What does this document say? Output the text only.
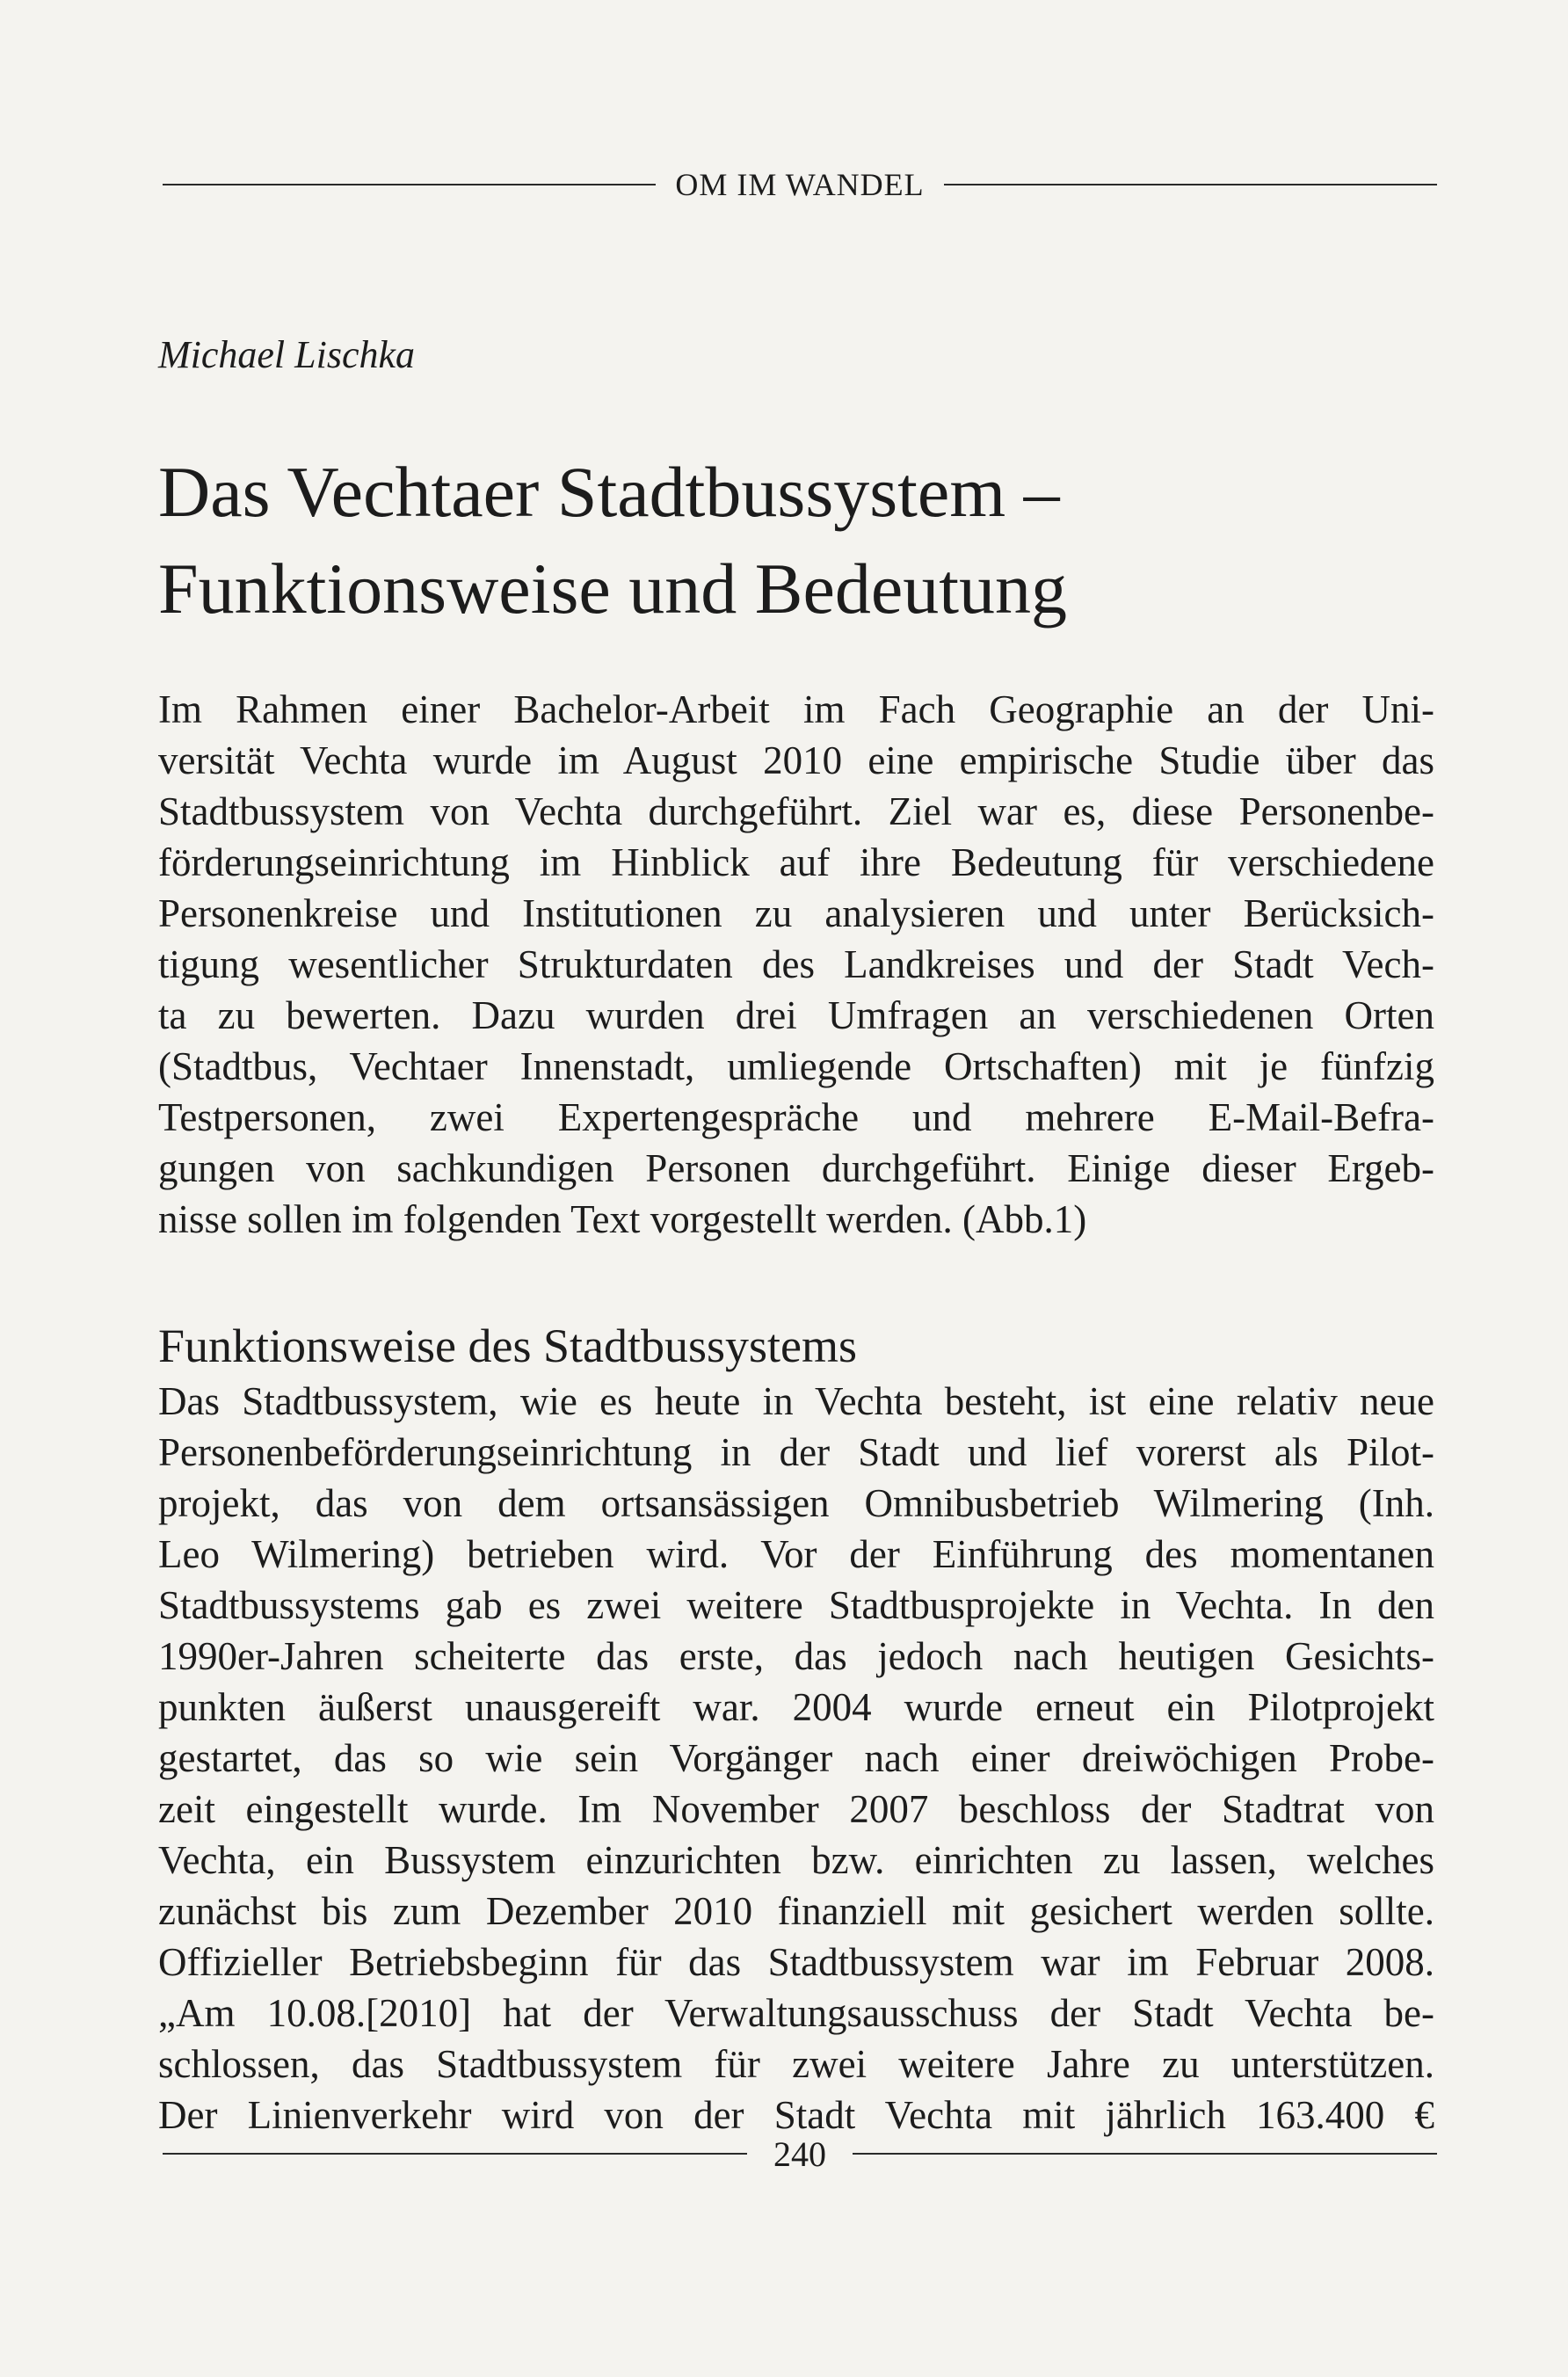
OM IM WANDEL
Michael Lischka
Das Vechtaer Stadtbussystem –
Funktionsweise und Bedeutung
Im Rahmen einer Bachelor-Arbeit im Fach Geographie an der Uni-
versität Vechta wurde im August 2010 eine empirische Studie über das
Stadtbussystem von Vechta durchgeführt. Ziel war es, diese Personenbe-
förderungseinrichtung im Hinblick auf ihre Bedeutung für verschiedene
Personenkreise und Institutionen zu analysieren und unter Berücksich-
tigung wesentlicher Strukturdaten des Landkreises und der Stadt Vech-
ta zu bewerten. Dazu wurden drei Umfragen an verschiedenen Orten
(Stadtbus, Vechtaer Innenstadt, umliegende Ortschaften) mit je fünfzig
Testpersonen, zwei Expertengespräche und mehrere E-Mail-Befra-
gungen von sachkundigen Personen durchgeführt. Einige dieser Ergeb-
nisse sollen im folgenden Text vorgestellt werden. (Abb.1)
Funktionsweise des Stadtbussystems
Das Stadtbussystem, wie es heute in Vechta besteht, ist eine relativ neue
Personenbeförderungseinrichtung in der Stadt und lief vorerst als Pilot-
projekt, das von dem ortsansässigen Omnibusbetrieb Wilmering (Inh.
Leo Wilmering) betrieben wird. Vor der Einführung des momentanen
Stadtbussystems gab es zwei weitere Stadtbusprojekte in Vechta. In den
1990er-Jahren scheiterte das erste, das jedoch nach heutigen Gesichts-
punkten äußerst unausgereift war. 2004 wurde erneut ein Pilotprojekt
gestartet, das so wie sein Vorgänger nach einer dreiwöchigen Probe-
zeit eingestellt wurde. Im November 2007 beschloss der Stadtrat von
Vechta, ein Bussystem einzurichten bzw. einrichten zu lassen, welches
zunächst bis zum Dezember 2010 finanziell mit gesichert werden sollte.
Offizieller Betriebsbeginn für das Stadtbussystem war im Februar 2008.
„Am 10.08.[2010] hat der Verwaltungsausschuss der Stadt Vechta be-
schlossen, das Stadtbussystem für zwei weitere Jahre zu unterstützen.
Der Linienverkehr wird von der Stadt Vechta mit jährlich 163.400 €
240
